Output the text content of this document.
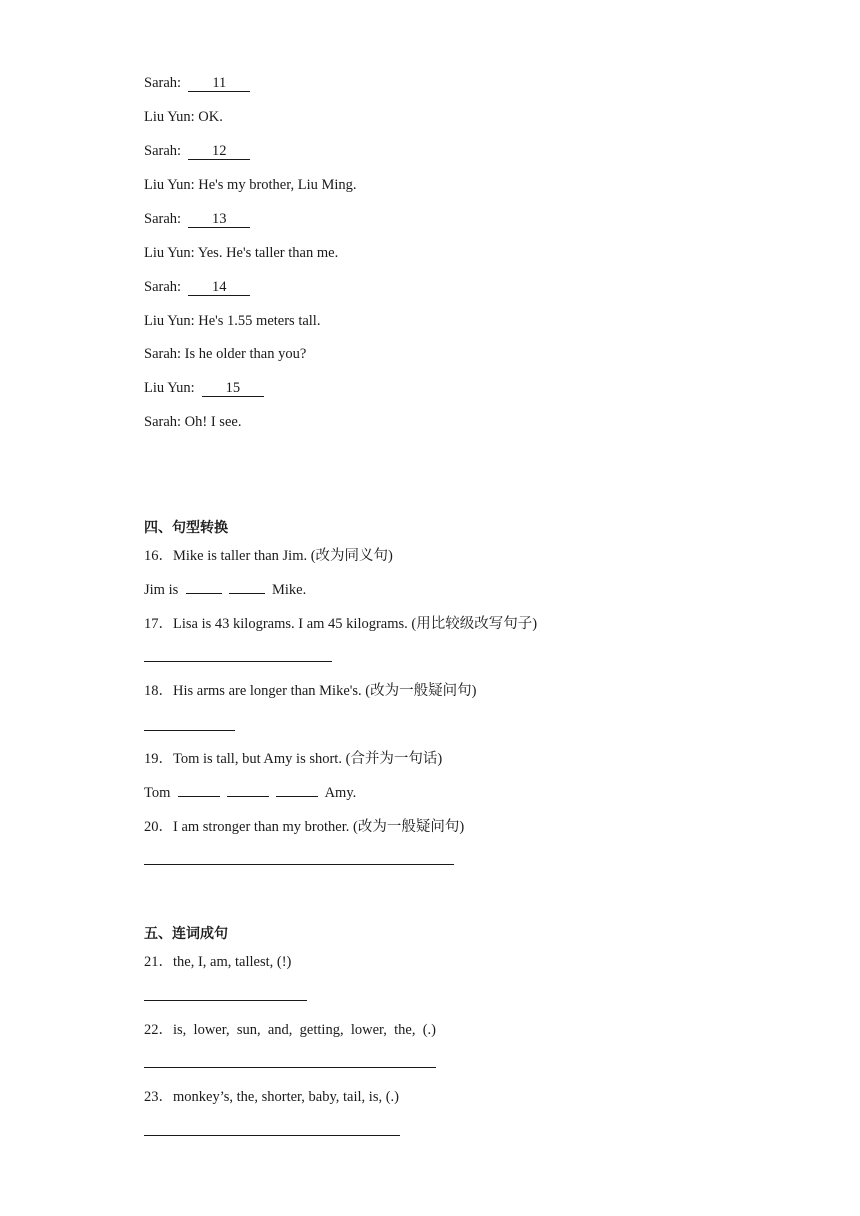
Sarah: 11
Liu Yun: OK.
Sarah: 12
Liu Yun: He's my brother, Liu Ming.
Sarah: 13
Liu Yun: Yes. He's taller than me.
Sarah: 14
Liu Yun: He's 1.55 meters tall.
Sarah: Is he older than you?
Liu Yun: 15
Sarah: Oh! I see.
四、句型转换
16．Mike is taller than Jim. (改为同义句)
Jim is	Mike.
17．Lisa is 43 kilograms. I am 45 kilograms. (用比较级改写句子)
18．His arms are longer than Mike's. (改为一般疑问句)
19．Tom is tall, but Amy is short. (合并为一句话)
Tom	Amy.
20．I am stronger than my brother. (改为一般疑问句)
五、连词成句
21．the, I, am, tallest, (!)
22．is,  lower,  sun,  and,  getting,  lower,  the,  (.)
23．monkey’s, the, shorter, baby, tail, is, (.)
